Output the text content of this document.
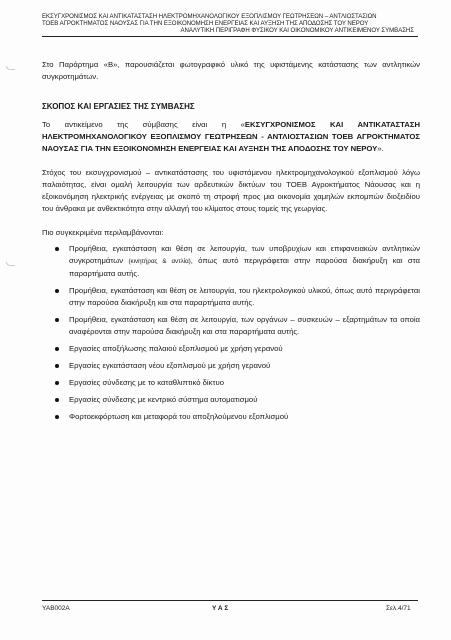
ΕΚΣΥΓΧΡΟΝΙΣΜΟΣ ΚΑΙ ΑΝΤΙΚΑΤΑΣΤΑΣΗ ΗΛΕΚΤΡΟΜΗΧΑΝΟΛΟΓΙΚΟΥ ΕΞΟΠΛΙΣΜΟΥ ΓΕΩΤΡΗΣΕΩΝ – ΑΝΤΛΙΟΣΤΑΣΙΩΝ
ΤΟΕΒ ΑΓΡΟΚΤΗΜΑΤΟΣ ΝΑΟΥΣΑΣ ΓΙΑ ΤΗΝ ΕΞΟΙΚΟΝΟΜΗΣΗ ΕΝΕΡΓΕΙΑΣ ΚΑΙ ΑΥΞΗΣΗ ΤΗΣ ΑΠΟΔΟΣΗΣ ΤΟΥ ΝΕΡΟΥ
ΑΝΑΛΥΤΙΚΗ ΠΕΡΙΓΡΑΦΗ ΦΥΣΙΚΟΥ ΚΑΙ ΟΙΚΟΝΟΜΙΚΟΥ ΑΝΤΙΚΕΙΜΕΝΟΥ ΣΥΜΒΑΣΗΣ
Στο Παράρτημα «Β», παρουσιάζεται φωτογραφικό υλικό της υφιστάμενης κατάστασης των αντλητικών συγκροτημάτων.
ΣΚΟΠΟΣ ΚΑΙ ΕΡΓΑΣΙΕΣ ΤΗΣ ΣΥΜΒΑΣΗΣ
Το αντικείμενο της σύμβασης είναι η «ΕΚΣΥΓΧΡΟΝΙΣΜΟΣ ΚΑΙ ΑΝΤΙΚΑΤΑΣΤΑΣΗ ΗΛΕΚΤΡΟΜΗΧΑΝΟΛΟΓΙΚΟΥ ΕΞΟΠΛΙΣΜΟΥ ΓΕΩΤΡΗΣΕΩΝ - ΑΝΤΛΙΟΣΤΑΣΙΩΝ ΤΟΕΒ ΑΓΡΟΚΤΗΜΑΤΟΣ ΝΑΟΥΣΑΣ ΓΙΑ ΤΗΝ ΕΞΟΙΚΟΝΟΜΗΣΗ ΕΝΕΡΓΕΙΑΣ ΚΑΙ ΑΥΞΗΣΗ ΤΗΣ ΑΠΟΔΟΣΗΣ ΤΟΥ ΝΕΡΟΥ».
Στόχος του εκσυγχρονισμού – αντικατάστασης του υφιστάμενου ηλεκτρομηχανολογικού εξοπλισμού λόγω παλαιότητας, είναι ομαλή λειτουργία των αρδευτικών δικτύων του ΤΟΕΒ Αγροκτήματος Νάουσας και η εξοικονόμηση ηλεκτρικής ενέργειας με σκοπό τη στροφή προς μια οικονομία χαμηλών εκπομπών διοξειδίου του άνθρακα με ανθεκτικότητα στην αλλαγή του κλίματος στους τομείς της γεωργίας.
Πιο συγκεκριμένα περιλαμβάνονται:
Προμήθεια, εγκατάσταση και θέση σε λειτουργία, των υποβρυχίων και επιφανειακών αντλητικών συγκροτημάτων (κινητήρας & αντλία), όπως αυτό περιγράφεται στην παρούσα διακήρυξη και στα παραρτήματα αυτής.
Προμήθεια, εγκατάσταση και θέση σε λειτουργία, του ηλεκτρολογικού υλικού, όπως αυτό περιγράφεται στην παρούσα διακήρυξη και στα παραρτήματα αυτής.
Προμήθεια, εγκατάσταση και θέση σε λειτουργία, των οργάνων – συσκευών – εξαρτημάτων τα οποία αναφέρονται στην παρούσα διακήρυξη και στα παραρτήματα αυτής.
Εργασίες αποξήλωσης παλαιού εξοπλισμού με χρήση γερανού
Εργασίες εγκατάσταση νέου εξοπλισμού με χρήση γερανού
Εργασίες σύνδεσης με το καταθλιπτικό δίκτυο
Εργασίες σύνδεσης με κεντρικό σύστημα αυτοματισμού
Φορτοεκφόρτωση και μεταφορά του αποξηλούμενου εξοπλισμού
YAB002A	Υ Α Σ	Σελ.4/71
